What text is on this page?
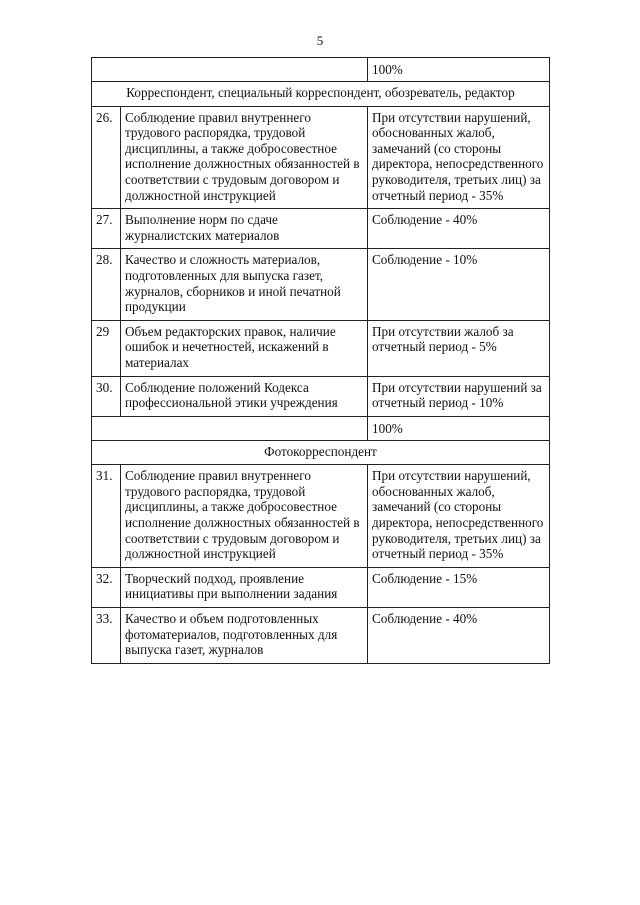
5
		100%
Корреспондент, специальный корреспондент, обозреватель, редактор		
26.	Соблюдение правил внутреннего трудового распорядка, трудовой дисциплины, а также добросовестное исполнение должностных обязанностей в соответствии с трудовым договором и должностной инструкцией	При отсутствии нарушений, обоснованных жалоб, замечаний (со стороны директора, непосредственного руководителя, третьих лиц) за отчетный период - 35%
27.	Выполнение норм по сдаче журналистских материалов	Соблюдение - 40%
28.	Качество и сложность материалов, подготовленных для выпуска газет, журналов, сборников и иной печатной продукции	Соблюдение - 10%
29	Объем редакторских правок, наличие ошибок и нечетностей, искажений в материалах	При отсутствии жалоб за отчетный период - 5%
30.	Соблюдение положений Кодекса профессиональной этики учреждения	При отсутствии нарушений за отчетный период - 10%
		100%
Фотокорреспондент		
31.	Соблюдение правил внутреннего трудового распорядка, трудовой дисциплины, а также добросовестное исполнение должностных обязанностей в соответствии с трудовым договором и должностной инструкцией	При отсутствии нарушений, обоснованных жалоб, замечаний (со стороны директора, непосредственного руководителя, третьих лиц) за отчетный период - 35%
32.	Творческий подход, проявление инициативы при выполнении задания	Соблюдение - 15%
33.	Качество и объем подготовленных фотоматериалов, подготовленных для выпуска газет, журналов	Соблюдение - 40%
